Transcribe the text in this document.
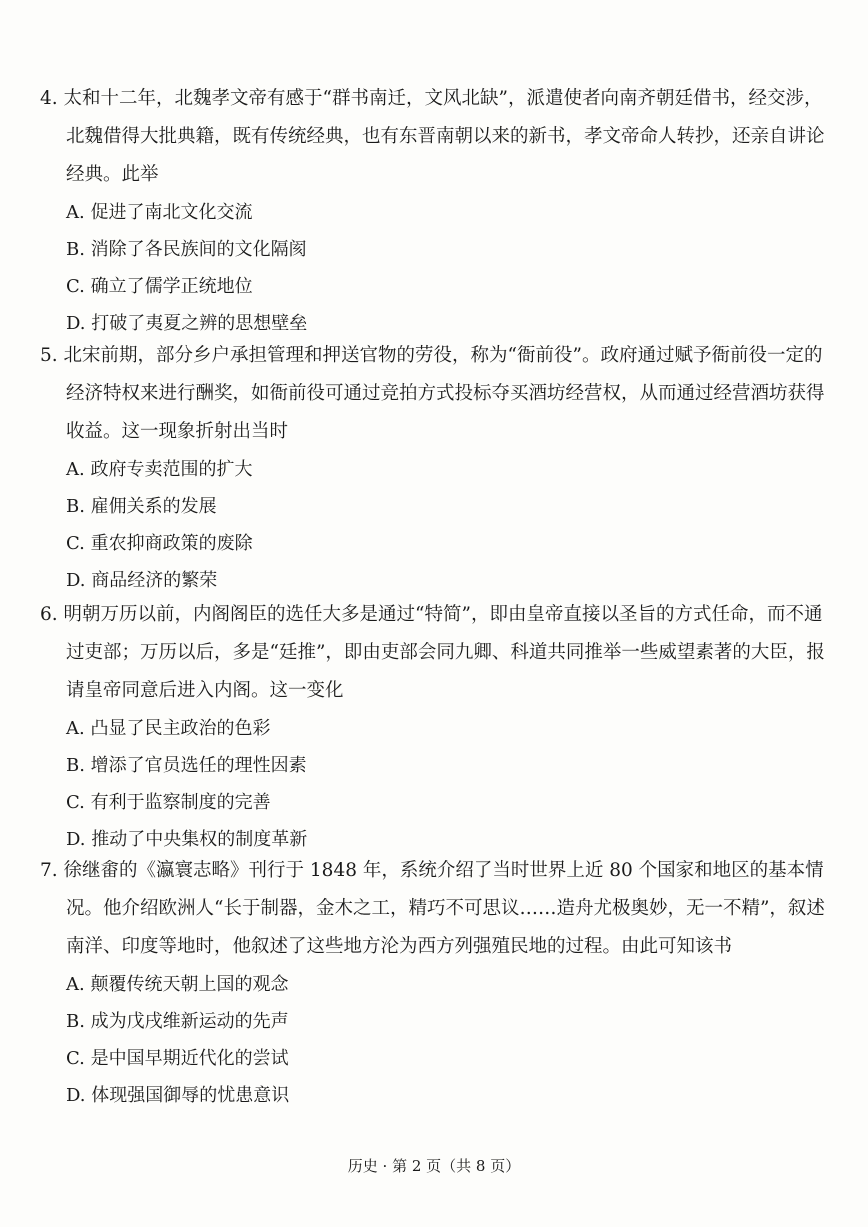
4. 太和十二年，北魏孝文帝有感于“群书南迁，文风北缺”，派遣使者向南齐朝廷借书，经交涉，北魏借得大批典籍，既有传统经典，也有东晋南朝以来的新书，孝文帝命人转抄，还亲自讲论经典。此举

A. 促进了南北文化交流
B. 消除了各民族间的文化隔阂
C. 确立了儒学正统地位
D. 打破了夷夏之辨的思想壁垒

5. 北宋前期，部分乡户承担管理和押送官物的劳役，称为“衙前役”。政府通过赋予衙前役一定的经济特权来进行酬奖，如衙前役可通过竞拍方式投标夺买酒坊经营权，从而通过经营酒坊获得收益。这一现象折射出当时

A. 政府专卖范围的扩大
B. 雇佣关系的发展
C. 重农抑商政策的废除
D. 商品经济的繁荣

6. 明朝万历以前，内阁阁臣的选任大多是通过“特简”，即由皇帝直接以圣旨的方式任命，而不通过吏部；万历以后，多是“廷推”，即由吏部会同九卿、科道共同推举一些威望素著的大臣，报请皇帝同意后进入内阁。这一变化

A. 凸显了民主政治的色彩
B. 增添了官员选任的理性因素
C. 有利于监察制度的完善
D. 推动了中央集权的制度革新

7. 徐继畬的《瀛寰志略》刊行于 1848 年，系统介绍了当时世界上近 80 个国家和地区的基本情况。他介绍欧洲人“长于制器，金木之工，精巧不可思议……造舟尤极奥妙，无一不精”，叙述南洋、印度等地时，他叙述了这些地方沦为西方列强殖民地的过程。由此可知该书

A. 颠覆传统天朝上国的观念
B. 成为戊戌维新运动的先声
C. 是中国早期近代化的尝试
D. 体现强国御辱的忧患意识
历史 · 第 2 页（共 8 页）
